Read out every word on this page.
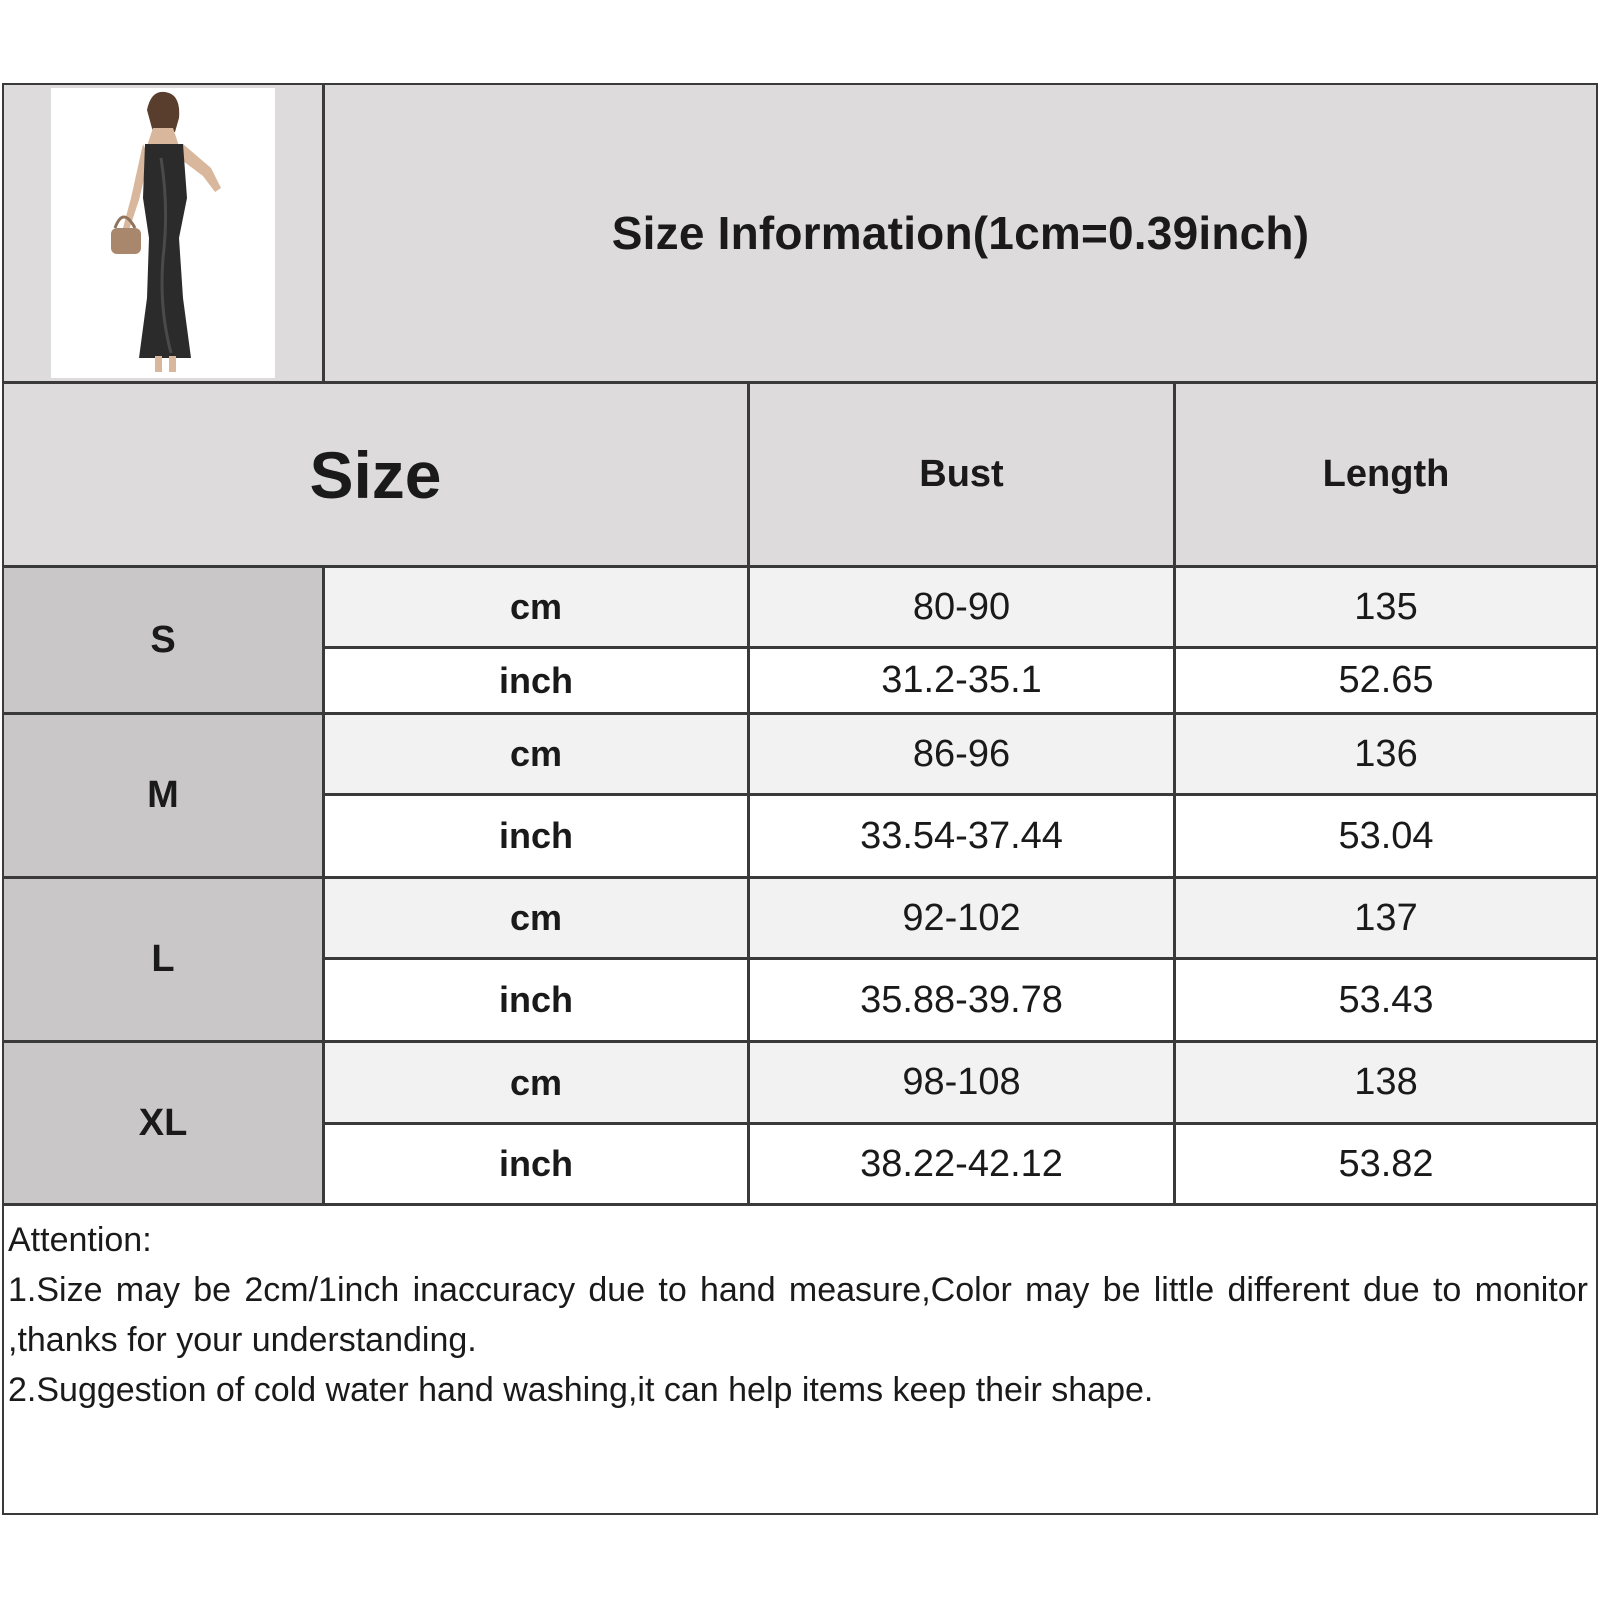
Size Information(1cm=0.39inch)
Size	Bust	Length
S
cm	80-90	135
inch	31.2-35.1	52.65
M
cm	86-96	136
inch	33.54-37.44	53.04
L
cm	92-102	137
inch	35.88-39.78	53.43
XL
cm	98-108	138
inch	38.22-42.12	53.82

Attention:

1.Size may be 2cm/1inch inaccuracy due to hand measure,Color may be little different due to monitor ,thanks for your understanding.

2.Suggestion of cold water hand washing,it can help items keep their shape.
